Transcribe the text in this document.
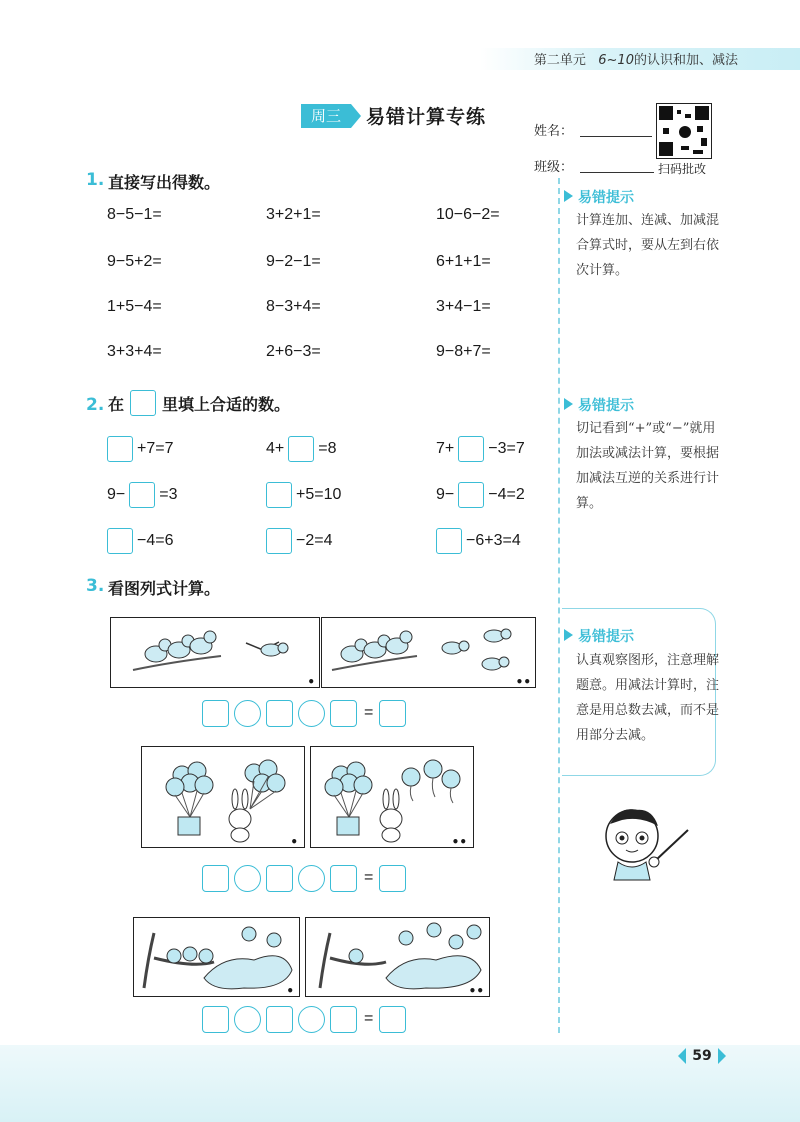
第二单元 6~10的认识和加、减法
周三	易错计算专练
姓名：
班级：	扫码批改
1. 直接写出得数。
8−5−1=	3+2+1=	10−6−2=
9−5+2=	9−2−1=	6+1+1=
1+5−4=	8−3+4=	3+4−1=
3+3+4=	2+6−3=	9−8+7=
2. 在 里填上合适的数。
+7=7	4+ =8	7+ −3=7
9− =3	+5=10	9− −4=2
−4=6	−2=4	−6+3=4
3. 看图列式计算。
•	••
=
•	••
=
•	••
=
易错提示
计算连加、连减、加减混合算式时，要从左到右依次计算。
易错提示
切记看到“+”或“−”就用加法或减法计算，要根据加减法互逆的关系进行计算。
易错提示
认真观察图形，注意理解题意。用减法计算时，注意是用总数去减，而不是用部分去减。
59
